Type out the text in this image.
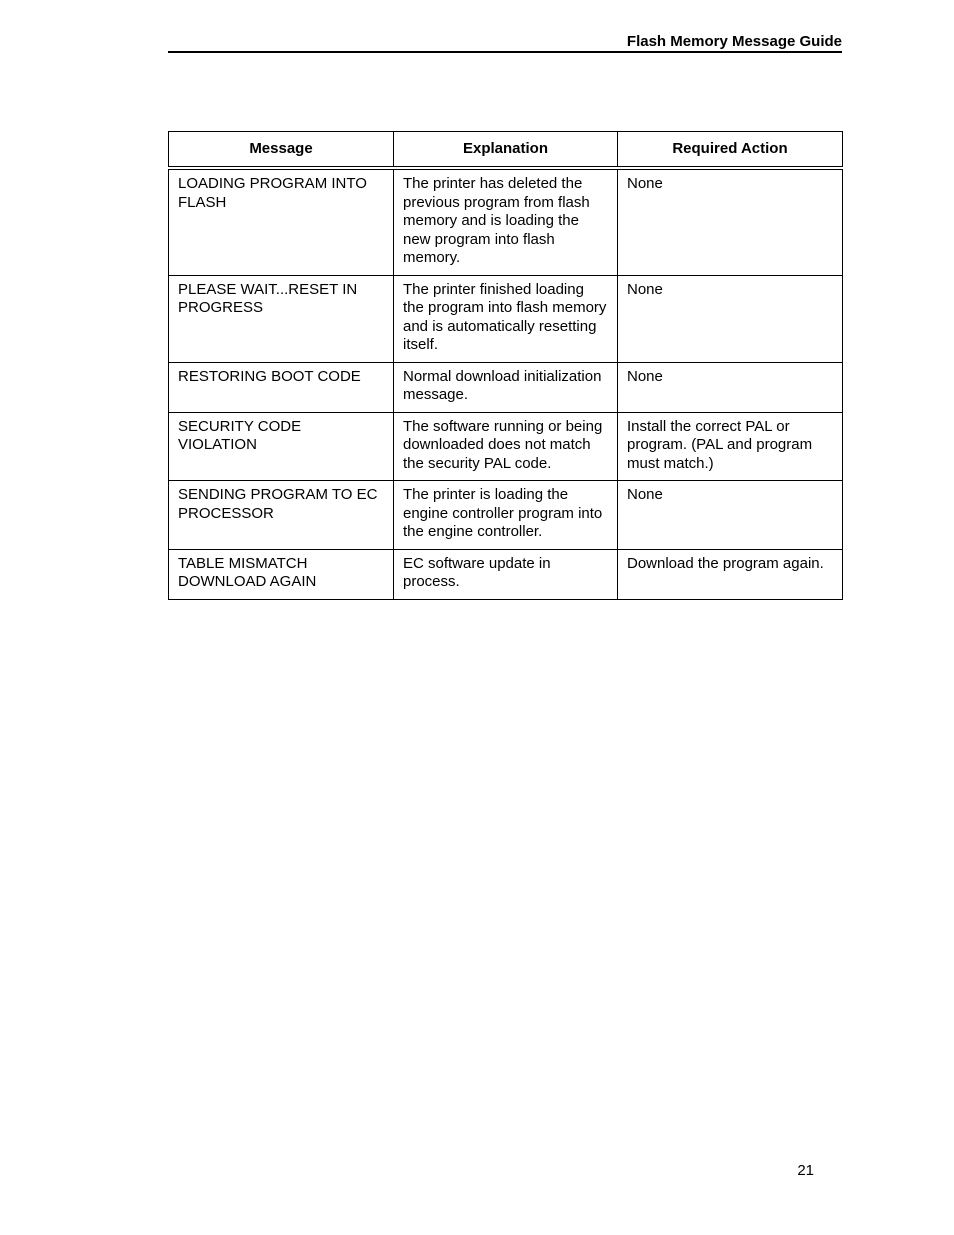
Flash Memory Message Guide
Message	Explanation	Required Action
LOADING PROGRAM INTO FLASH	The printer has deleted the previous program from flash memory and is loading the new program into flash memory.	None
PLEASE WAIT...RESET IN PROGRESS	The printer finished loading the program into flash memory and is automatically resetting itself.	None
RESTORING BOOT CODE	Normal download initialization message.	None
SECURITY CODE VIOLATION	The software running or being downloaded does not match the security PAL code.	Install the correct PAL or program. (PAL and program must match.)
SENDING PROGRAM TO EC PROCESSOR	The printer is loading the engine controller program into the engine controller.	None
TABLE MISMATCH DOWNLOAD AGAIN	EC software update in process.	Download the program again.
21
